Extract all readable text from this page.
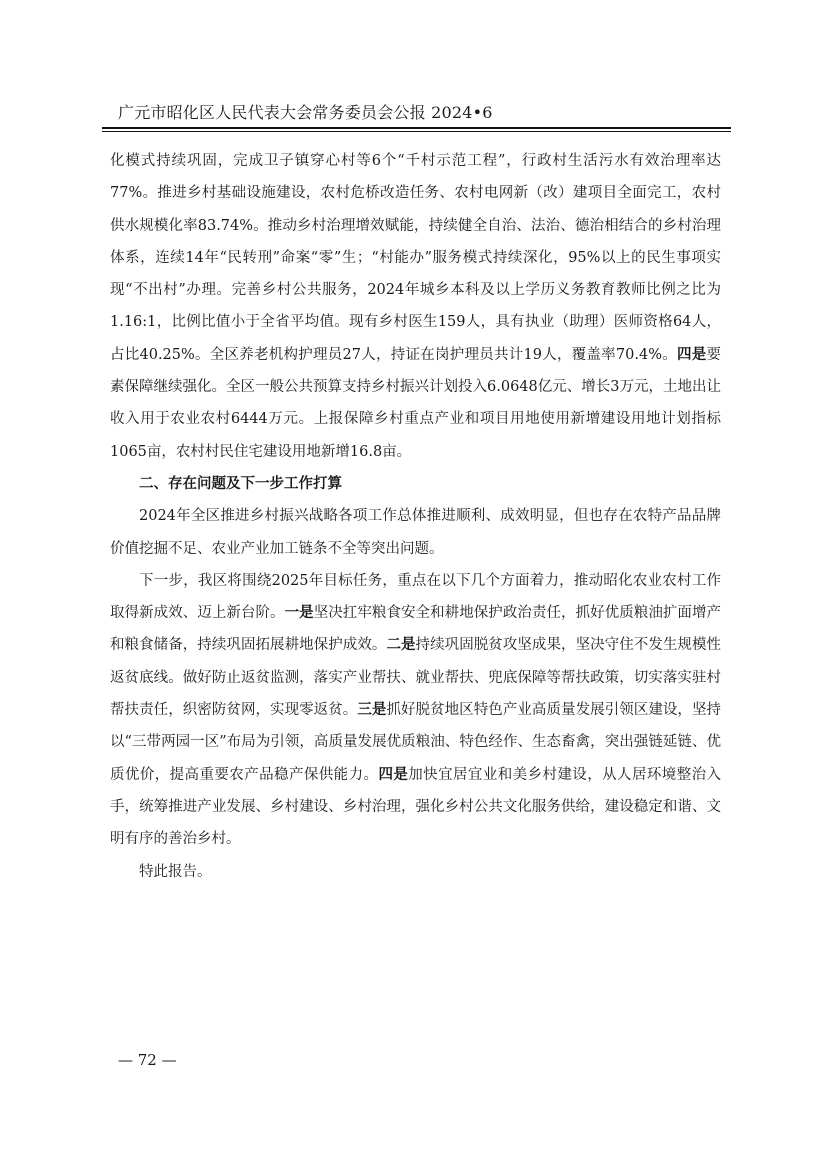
广元市昭化区人民代表大会常务委员会公报 2024•6

化模式持续巩固，完成卫子镇穿心村等6个“千村示范工程”，行政村生活污水有效治理率达77%。推进乡村基础设施建设，农村危桥改造任务、农村电网新（改）建项目全面完工，农村供水规模化率83.74%。推动乡村治理增效赋能，持续健全自治、法治、德治相结合的乡村治理体系，连续14年“民转刑”命案“零”生；“村能办”服务模式持续深化，95%以上的民生事项实现“不出村”办理。完善乡村公共服务，2024年城乡本科及以上学历义务教育教师比例之比为1.16:1，比例比值小于全省平均值。现有乡村医生159人，具有执业（助理）医师资格64人，占比40.25%。全区养老机构护理员27人，持证在岗护理员共计19人，覆盖率70.4%。四是要素保障继续强化。全区一般公共预算支持乡村振兴计划投入6.0648亿元、增长3万元，土地出让收入用于农业农村6444万元。上报保障乡村重点产业和项目用地使用新增建设用地计划指标1065亩，农村村民住宅建设用地新增16.8亩。

二、存在问题及下一步工作打算

2024年全区推进乡村振兴战略各项工作总体推进顺利、成效明显，但也存在农特产品品牌价值挖掘不足、农业产业加工链条不全等突出问题。

下一步，我区将围绕2025年目标任务，重点在以下几个方面着力，推动昭化农业农村工作取得新成效、迈上新台阶。一是坚决扛牢粮食安全和耕地保护政治责任，抓好优质粮油扩面增产和粮食储备，持续巩固拓展耕地保护成效。二是持续巩固脱贫攻坚成果，坚决守住不发生规模性返贫底线。做好防止返贫监测，落实产业帮扶、就业帮扶、兜底保障等帮扶政策，切实落实驻村帮扶责任，织密防贫网，实现零返贫。三是抓好脱贫地区特色产业高质量发展引领区建设，坚持以“三带两园一区”布局为引领，高质量发展优质粮油、特色经作、生态畜禽，突出强链延链、优质优价，提高重要农产品稳产保供能力。四是加快宜居宜业和美乡村建设，从人居环境整治入手，统筹推进产业发展、乡村建设、乡村治理，强化乡村公共文化服务供给，建设稳定和谐、文明有序的善治乡村。

特此报告。

— 72 —
